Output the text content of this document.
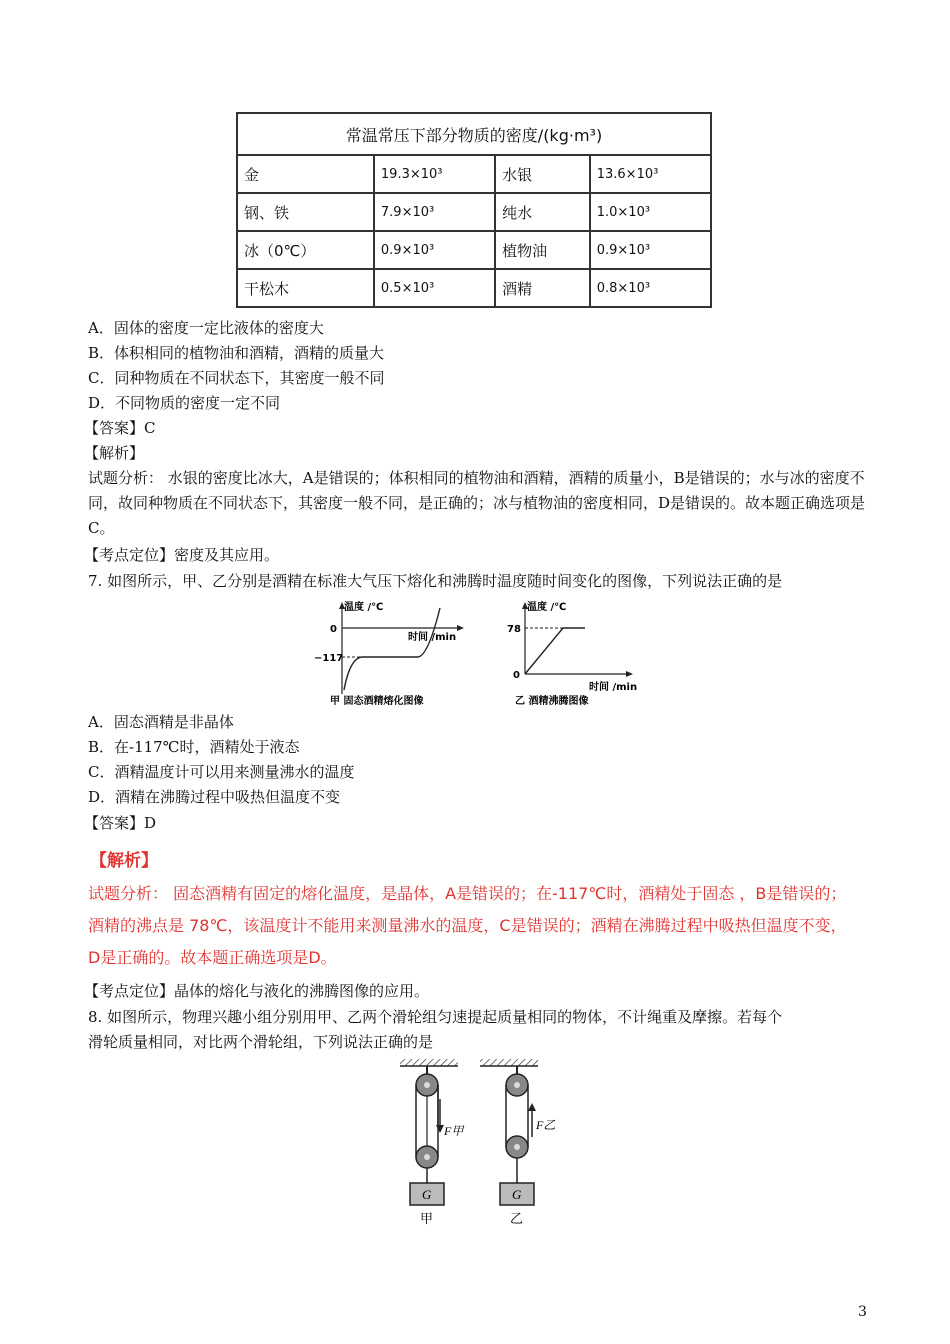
常温常压下部分物质的密度/(kg·m³)			
金	19.3×10³	水银	13.6×10³
钢、铁	7.9×10³	纯水	1.0×10³
冰（0℃）	0.9×10³	植物油	0.9×10³
干松木	0.5×10³	酒精	0.8×10³
A．固体的密度一定比液体的密度大
B．体积相同的植物油和酒精，酒精的质量大
C．同种物质在不同状态下，其密度一般不同
D．不同物质的密度一定不同
【答案】C
【解析】
试题分析： 水银的密度比冰大，A是错误的；体积相同的植物油和酒精，酒精的质量小，B是错误的；水与冰的密度不同，故同种物质在不同状态下，其密度一般不同，是正确的；冰与植物油的密度相同，D是错误的。故本题正确选项是C。
【考点定位】密度及其应用。
7. 如图所示，甲、乙分别是酒精在标准大气压下熔化和沸腾时温度随时间变化的图像，下列说法正确的是
温度 /℃
时间 /min
0
−117
甲 固态酒精熔化图像
温度 /℃
时间 /min
78
0
乙 酒精沸腾图像
A．固态酒精是非晶体
B．在-117℃时，酒精处于液态
C．酒精温度计可以用来测量沸水的温度
D．酒精在沸腾过程中吸热但温度不变
【答案】D
【解析】
试题分析： 固态酒精有固定的熔化温度，是晶体，A是错误的；在-117℃时，酒精处于固态 ，B是错误的；
酒精的沸点是 78℃，该温度计不能用来测量沸水的温度，C是错误的；酒精在沸腾过程中吸热但温度不变，
D是正确的。故本题正确选项是D。
【考点定位】晶体的熔化与液化的沸腾图像的应用。
8. 如图所示，物理兴趣小组分别用甲、乙两个滑轮组匀速提起质量相同的物体，不计绳重及摩擦。若每个
滑轮质量相同，对比两个滑轮组，下列说法正确的是
F甲
G
甲
F乙
G
乙
3
